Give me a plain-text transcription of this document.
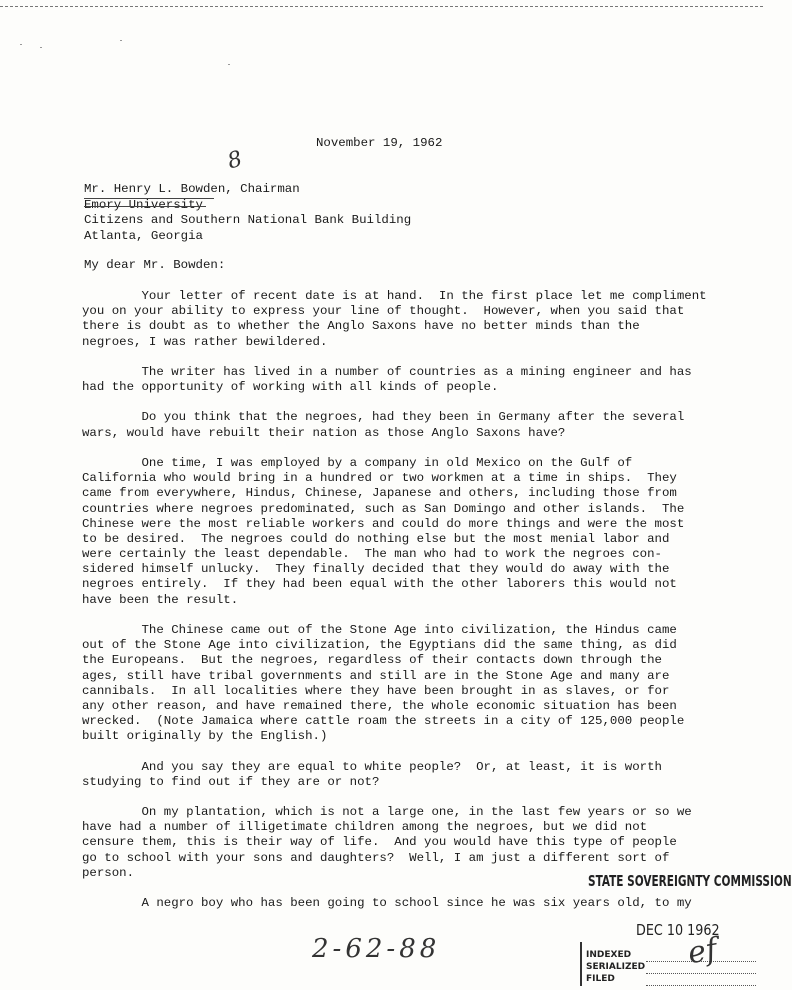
November 19, 1962
8
Mr. Henry L. Bowden, Chairman
Emory University
Citizens and Southern National Bank Building
Atlanta, Georgia
My dear Mr. Bowden:
Your letter of recent date is at hand.  In the first place let me compliment
you on your ability to express your line of thought.  However, when you said that
there is doubt as to whether the Anglo Saxons have no better minds than the
negroes, I was rather bewildered.
The writer has lived in a number of countries as a mining engineer and has
had the opportunity of working with all kinds of people.
Do you think that the negroes, had they been in Germany after the several
wars, would have rebuilt their nation as those Anglo Saxons have?
One time, I was employed by a company in old Mexico on the Gulf of
California who would bring in a hundred or two workmen at a time in ships.  They
came from everywhere, Hindus, Chinese, Japanese and others, including those from
countries where negroes predominated, such as San Domingo and other islands.  The
Chinese were the most reliable workers and could do more things and were the most
to be desired.  The negroes could do nothing else but the most menial labor and
were certainly the least dependable.  The man who had to work the negroes con-
sidered himself unlucky.  They finally decided that they would do away with the
negroes entirely.  If they had been equal with the other laborers this would not
have been the result.
The Chinese came out of the Stone Age into civilization, the Hindus came
out of the Stone Age into civilization, the Egyptians did the same thing, as did
the Europeans.  But the negroes, regardless of their contacts down through the
ages, still have tribal governments and still are in the Stone Age and many are
cannibals.  In all localities where they have been brought in as slaves, or for
any other reason, and have remained there, the whole economic situation has been
wrecked.  (Note Jamaica where cattle roam the streets in a city of 125,000 people
built originally by the English.)
And you say they are equal to white people?  Or, at least, it is worth
studying to find out if they are or not?
On my plantation, which is not a large one, in the last few years or so we
have had a number of illigetimate children among the negroes, but we did not
censure them, this is their way of life.  And you would have this type of people
go to school with your sons and daughters?  Well, I am just a different sort of
person.
A negro boy who has been going to school since he was six years old, to my
STATE SOVEREIGNTY COMMISSION
DEC 10 1962
INDEXED
SERIALIZED
FILED
2-62-88	ef
